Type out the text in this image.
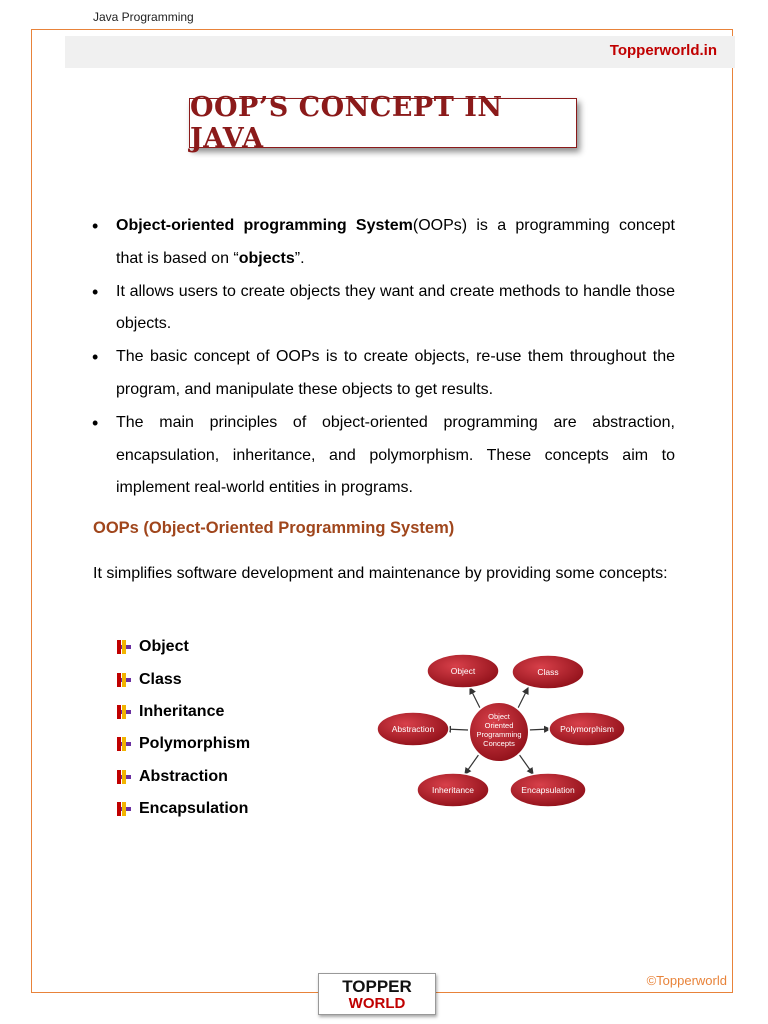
Java Programming
Topperworld.in
OOP’S CONCEPT IN JAVA
• Object-oriented programming System(OOPs) is a programming concept that is based on “objects”.
• It allows users to create objects they want and create methods to handle those objects.
• The basic concept of OOPs is to create objects, re-use them throughout the program, and manipulate these objects to get results.
• The main principles of object-oriented programming are abstraction, encapsulation, inheritance, and polymorphism. These concepts aim to implement real-world entities in programs.
OOPs (Object-Oriented Programming System)

It simplifies software development and maintenance by providing some concepts:

Object
Class
Inheritance
Polymorphism
Abstraction
Encapsulation
Object
Oriented
Programming
Concepts
Object	Class
Abstraction	Polymorphism
Inheritance	Encapsulation
©Topperworld
TOPPER
WORLD
